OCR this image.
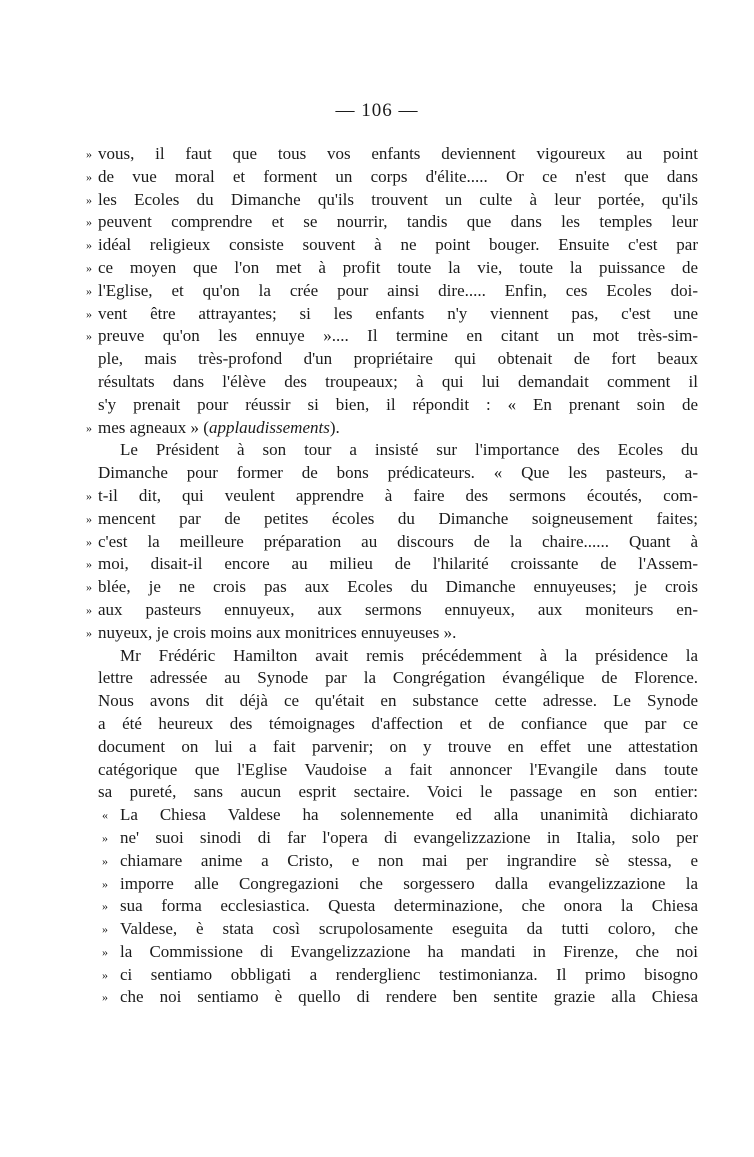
— 106 —
» vous, il faut que tous vos enfants deviennent vigoureux au point
» de vue moral et forment un corps d'élite..... Or ce n'est que dans
» les Ecoles du Dimanche qu'ils trouvent un culte à leur portée, qu'ils
» peuvent comprendre et se nourrir, tandis que dans les temples leur
» idéal religieux consiste souvent à ne point bouger. Ensuite c'est par
» ce moyen que l'on met à profit toute la vie, toute la puissance de
» l'Eglise, et qu'on la crée pour ainsi dire..... Enfin, ces Ecoles doi-
» vent être attrayantes; si les enfants n'y viennent pas, c'est une
» preuve qu'on les ennuye ».... Il termine en citant un mot très-sim-
ple, mais très-profond d'un propriétaire qui obtenait de fort beaux
résultats dans l'élève des troupeaux; à qui lui demandait comment il
s'y prenait pour réussir si bien, il répondit : « En prenant soin de
» mes agneaux » (applaudissements).
Le Président à son tour a insisté sur l'importance des Ecoles du
Dimanche pour former de bons prédicateurs. « Que les pasteurs, a-
» t-il dit, qui veulent apprendre à faire des sermons écoutés, com-
» mencent par de petites écoles du Dimanche soigneusement faites;
» c'est la meilleure préparation au discours de la chaire...... Quant à
» moi, disait-il encore au milieu de l'hilarité croissante de l'Assem-
» blée, je ne crois pas aux Ecoles du Dimanche ennuyeuses; je crois
» aux pasteurs ennuyeux, aux sermons ennuyeux, aux moniteurs en-
» nuyeux, je crois moins aux monitrices ennuyeuses ».
Mr Frédéric Hamilton avait remis précédemment à la présidence la
lettre adressée au Synode par la Congrégation évangélique de Florence.
Nous avons dit déjà ce qu'était en substance cette adresse. Le Synode
a été heureux des témoignages d'affection et de confiance que par ce
document on lui a fait parvenir; on y trouve en effet une attestation
catégorique que l'Eglise Vaudoise a fait annoncer l'Evangile dans toute
sa pureté, sans aucun esprit sectaire. Voici le passage en son entier:
« La Chiesa Valdese ha solennemente ed alla unanimità dichiarato
» ne' suoi sinodi di far l'opera di evangelizzazione in Italia, solo per
» chiamare anime a Cristo, e non mai per ingrandire sè stessa, e
» imporre alle Congregazioni che sorgessero dalla evangelizzazione la
» sua forma ecclesiastica. Questa determinazione, che onora la Chiesa
» Valdese, è stata così scrupolosamente eseguita da tutti coloro, che
» la Commissione di Evangelizzazione ha mandati in Firenze, che noi
» ci sentiamo obbligati a renderglienc testimonianza. Il primo bisogno
» che noi sentiamo è quello di rendere ben sentite grazie alla Chiesa
